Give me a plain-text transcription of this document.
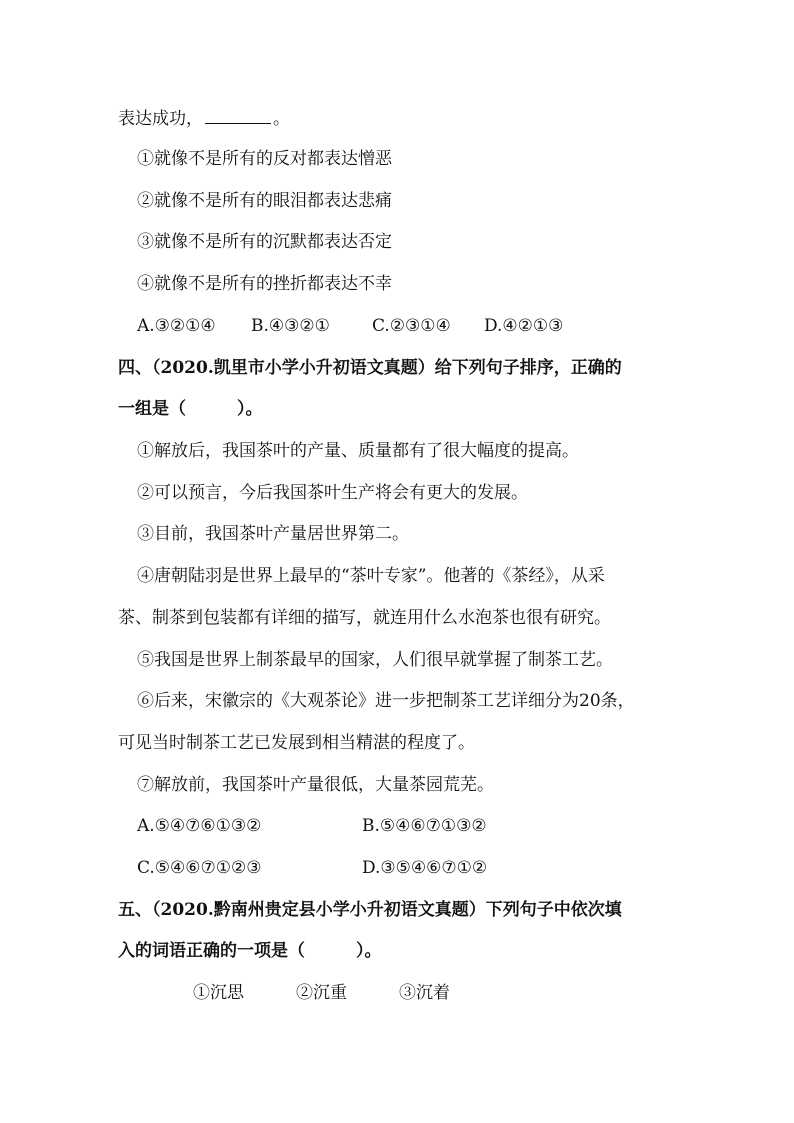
表达成功，	。
①就像不是所有的反对都表达憎恶
②就像不是所有的眼泪都表达悲痛
③就像不是所有的沉默都表达否定
④就像不是所有的挫折都表达不幸
A.③②①④ B.④③②① C.②③①④ D.④②①③
四、（2020.凯里市小学小升初语文真题）给下列句子排序，正确的
一组是（　　　）。
①解放后，我国茶叶的产量、质量都有了很大幅度的提高。
②可以预言，今后我国茶叶生产将会有更大的发展。
③目前，我国茶叶产量居世界第二。
④唐朝陆羽是世界上最早的“茶叶专家”。他著的《茶经》，从采
茶、制茶到包装都有详细的描写，就连用什么水泡茶也很有研究。
⑤我国是世界上制茶最早的国家，人们很早就掌握了制茶工艺。
⑥后来，宋徽宗的《大观茶论》进一步把制茶工艺详细分为20条，
可见当时制茶工艺已发展到相当精湛的程度了。
⑦解放前，我国茶叶产量很低，大量茶园荒芜。
A.⑤④⑦⑥①③②	B.⑤④⑥⑦①③②
C.⑤④⑥⑦①②③	D.③⑤④⑥⑦①②
五、（2020.黔南州贵定县小学小升初语文真题）下列句子中依次填
入的词语正确的一项是（　　　）。
①沉思	②沉重	③沉着
